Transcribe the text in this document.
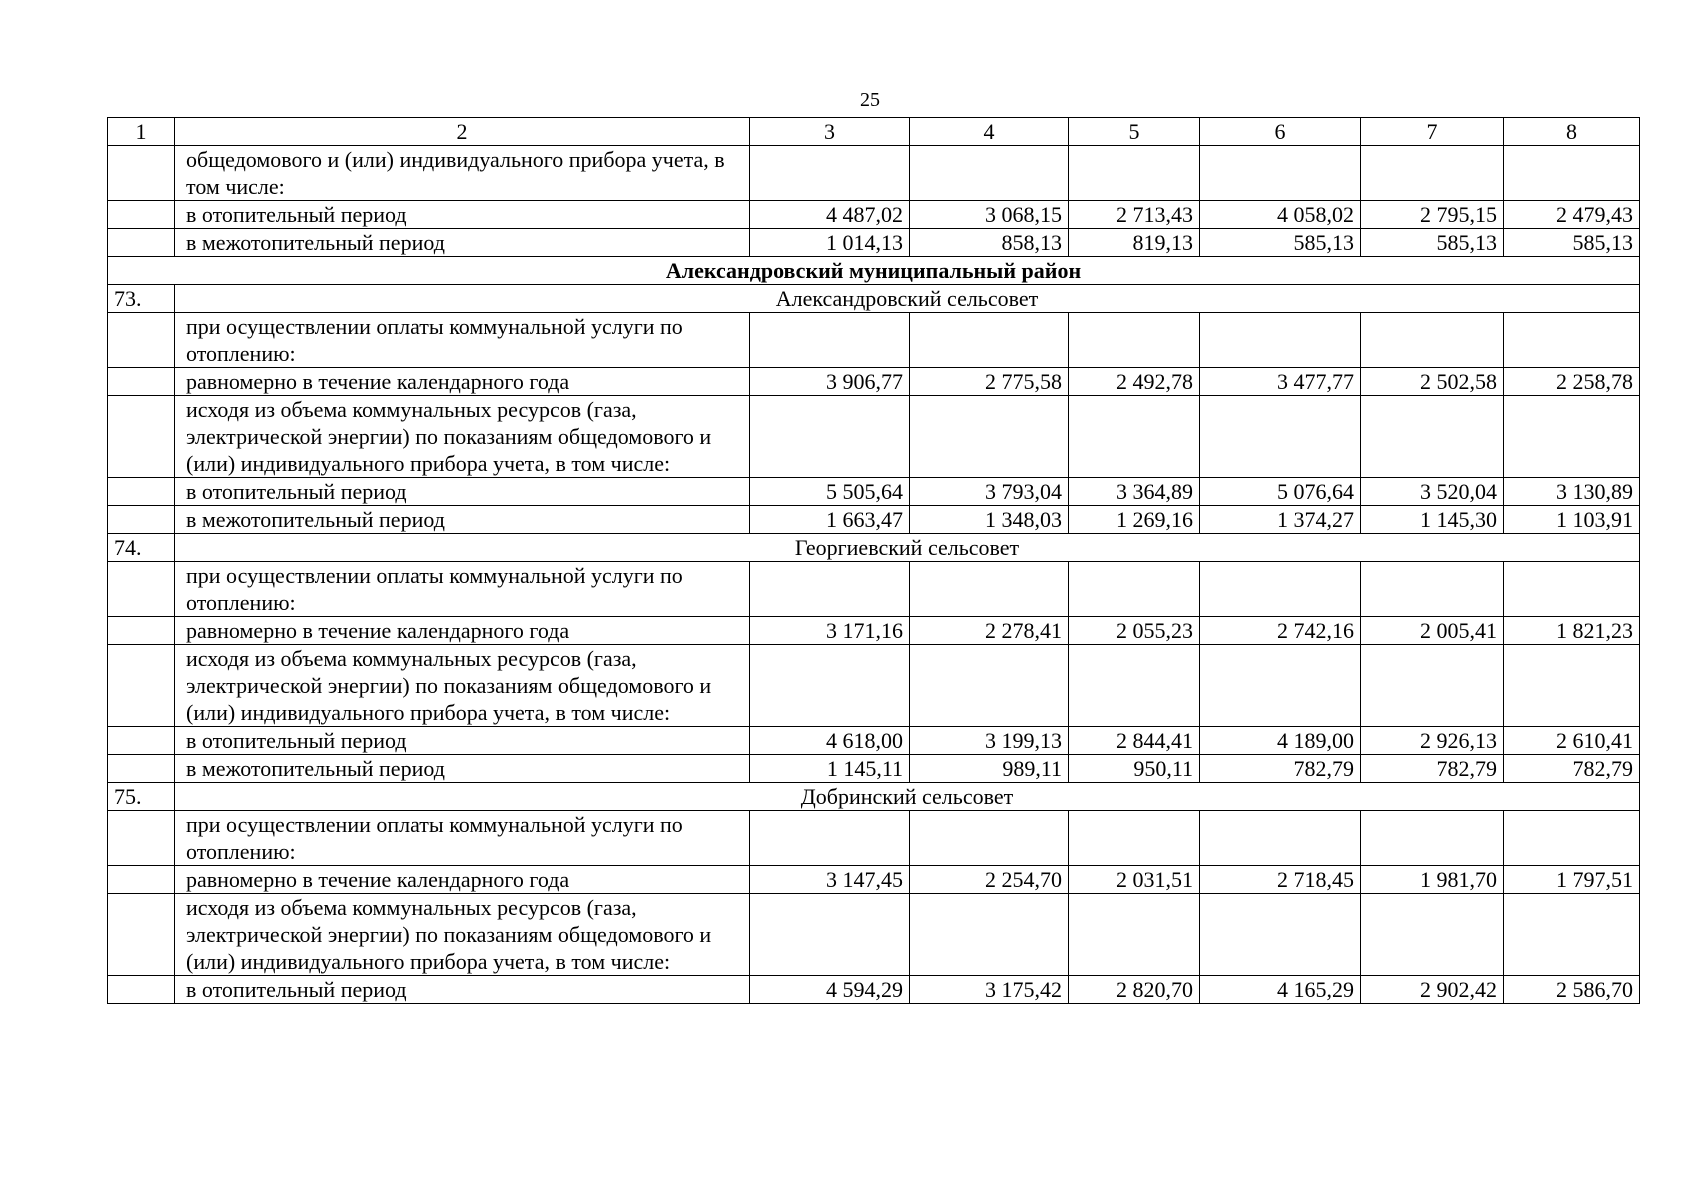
25
1	2	3	4	5	6	7	8
	общедомового и (или) индивидуального прибора учета, в том числе:						
	в отопительный период	4 487,02	3 068,15	2 713,43	4 058,02	2 795,15	2 479,43
	в межотопительный период	1 014,13	858,13	819,13	585,13	585,13	585,13
Александровский муниципальный район							
73.	Александровский сельсовет						
	при осуществлении оплаты коммунальной услуги по отоплению:						
	равномерно в течение календарного года	3 906,77	2 775,58	2 492,78	3 477,77	2 502,58	2 258,78
	исходя из объема коммунальных ресурсов (газа, электрической энергии) по показаниям общедомового и (или) индивидуального прибора учета, в том числе:						
	в отопительный период	5 505,64	3 793,04	3 364,89	5 076,64	3 520,04	3 130,89
	в межотопительный период	1 663,47	1 348,03	1 269,16	1 374,27	1 145,30	1 103,91
74.	Георгиевский сельсовет						
	при осуществлении оплаты коммунальной услуги по отоплению:						
	равномерно в течение календарного года	3 171,16	2 278,41	2 055,23	2 742,16	2 005,41	1 821,23
	исходя из объема коммунальных ресурсов (газа, электрической энергии) по показаниям общедомового и (или) индивидуального прибора учета, в том числе:						
	в отопительный период	4 618,00	3 199,13	2 844,41	4 189,00	2 926,13	2 610,41
	в межотопительный период	1 145,11	989,11	950,11	782,79	782,79	782,79
75.	Добринский сельсовет						
	при осуществлении оплаты коммунальной услуги по отоплению:						
	равномерно в течение календарного года	3 147,45	2 254,70	2 031,51	2 718,45	1 981,70	1 797,51
	исходя из объема коммунальных ресурсов (газа, электрической энергии) по показаниям общедомового и (или) индивидуального прибора учета, в том числе:						
	в отопительный период	4 594,29	3 175,42	2 820,70	4 165,29	2 902,42	2 586,70
